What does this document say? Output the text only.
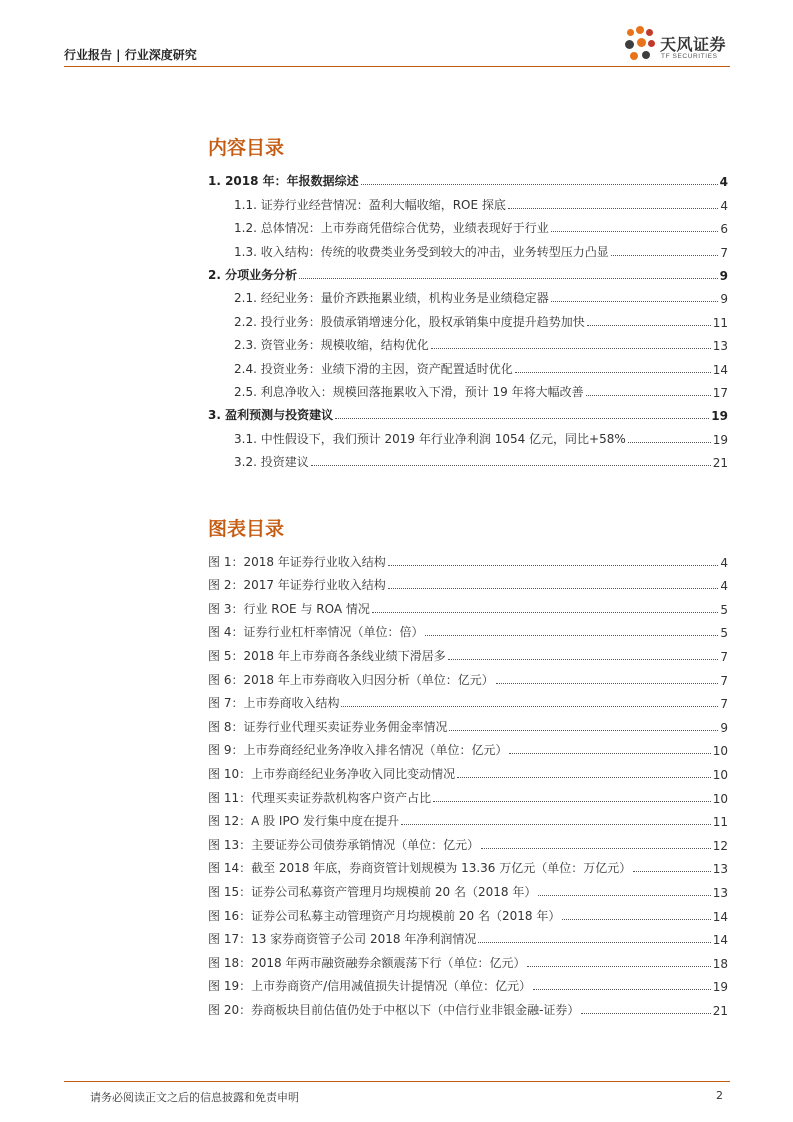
行业报告 | 行业深度研究
天风证券
TF SECURITIES
内容目录
1. 2018 年：年报数据综述	4
1.1. 证券行业经营情况：盈利大幅收缩，ROE 探底	4
1.2. 总体情况：上市券商凭借综合优势，业绩表现好于行业	6
1.3. 收入结构：传统的收费类业务受到较大的冲击，业务转型压力凸显	7
2. 分项业务分析	9
2.1. 经纪业务：量价齐跌拖累业绩，机构业务是业绩稳定器	9
2.2. 投行业务：股债承销增速分化，股权承销集中度提升趋势加快	11
2.3. 资管业务：规模收缩，结构优化	13
2.4. 投资业务：业绩下滑的主因，资产配置适时优化	14
2.5. 利息净收入：规模回落拖累收入下滑，预计 19 年将大幅改善	17
3. 盈利预测与投资建议	19
3.1. 中性假设下，我们预计 2019 年行业净利润 1054 亿元，同比+58%	19
3.2. 投资建议	21
图表目录
图 1：2018 年证券行业收入结构	4
图 2：2017 年证券行业收入结构	4
图 3：行业 ROE 与 ROA 情况	5
图 4：证券行业杠杆率情况（单位：倍）	5
图 5：2018 年上市券商各条线业绩下滑居多	7
图 6：2018 年上市券商收入归因分析（单位：亿元）	7
图 7：上市券商收入结构	7
图 8：证券行业代理买卖证券业务佣金率情况	9
图 9：上市券商经纪业务净收入排名情况（单位：亿元）	10
图 10：上市券商经纪业务净收入同比变动情况	10
图 11：代理买卖证券款机构客户资产占比	10
图 12：A 股 IPO 发行集中度在提升	11
图 13：主要证券公司债券承销情况（单位：亿元）	12
图 14：截至 2018 年底，券商资管计划规模为 13.36 万亿元（单位：万亿元）	13
图 15：证券公司私募资产管理月均规模前 20 名（2018 年）	13
图 16：证券公司私募主动管理资产月均规模前 20 名（2018 年）	14
图 17：13 家券商资管子公司 2018 年净利润情况	14
图 18：2018 年两市融资融券余额震荡下行（单位：亿元）	18
图 19：上市券商资产/信用减值损失计提情况（单位：亿元）	19
图 20：券商板块目前估值仍处于中枢以下（中信行业非银金融-证券）	21
请务必阅读正文之后的信息披露和免责申明	2
